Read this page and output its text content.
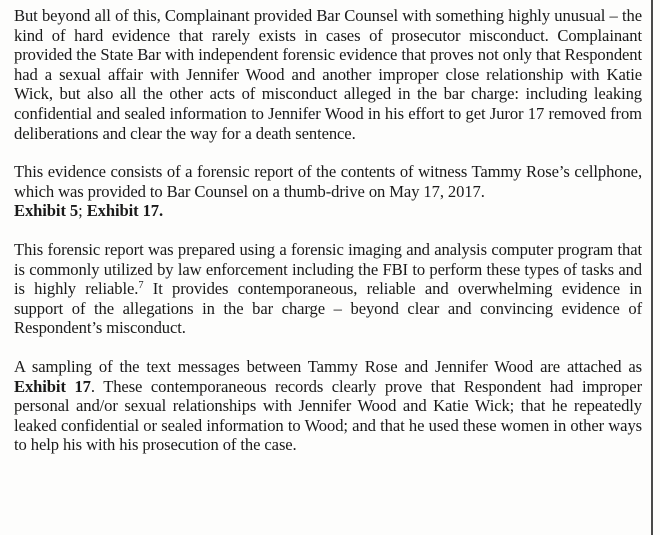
But beyond all of this, Complainant provided Bar Counsel with something highly unusual – the kind of hard evidence that rarely exists in cases of prosecutor misconduct. Complainant provided the State Bar with independent forensic evidence that proves not only that Respondent had a sexual affair with Jennifer Wood and another improper close relationship with Katie Wick, but also all the other acts of misconduct alleged in the bar charge: including leaking confidential and sealed information to Jennifer Wood in his effort to get Juror 17 removed from deliberations and clear the way for a death sentence.

This evidence consists of a forensic report of the contents of witness Tammy Rose’s cellphone, which was provided to Bar Counsel on a thumb-drive on May 17, 2017.
Exhibit 5; Exhibit 17.

This forensic report was prepared using a forensic imaging and analysis computer program that is commonly utilized by law enforcement including the FBI to perform these types of tasks and is highly reliable.$^7$ It provides contemporaneous, reliable and overwhelming evidence in support of the allegations in the bar charge – beyond clear and convincing evidence of Respondent’s misconduct.

A sampling of the text messages between Tammy Rose and Jennifer Wood are attached as Exhibit 17. These contemporaneous records clearly prove that Respondent had improper personal and/or sexual relationships with Jennifer Wood and Katie Wick; that he repeatedly leaked confidential or sealed information to Wood; and that he used these women in other ways to help his with his prosecution of the case.
